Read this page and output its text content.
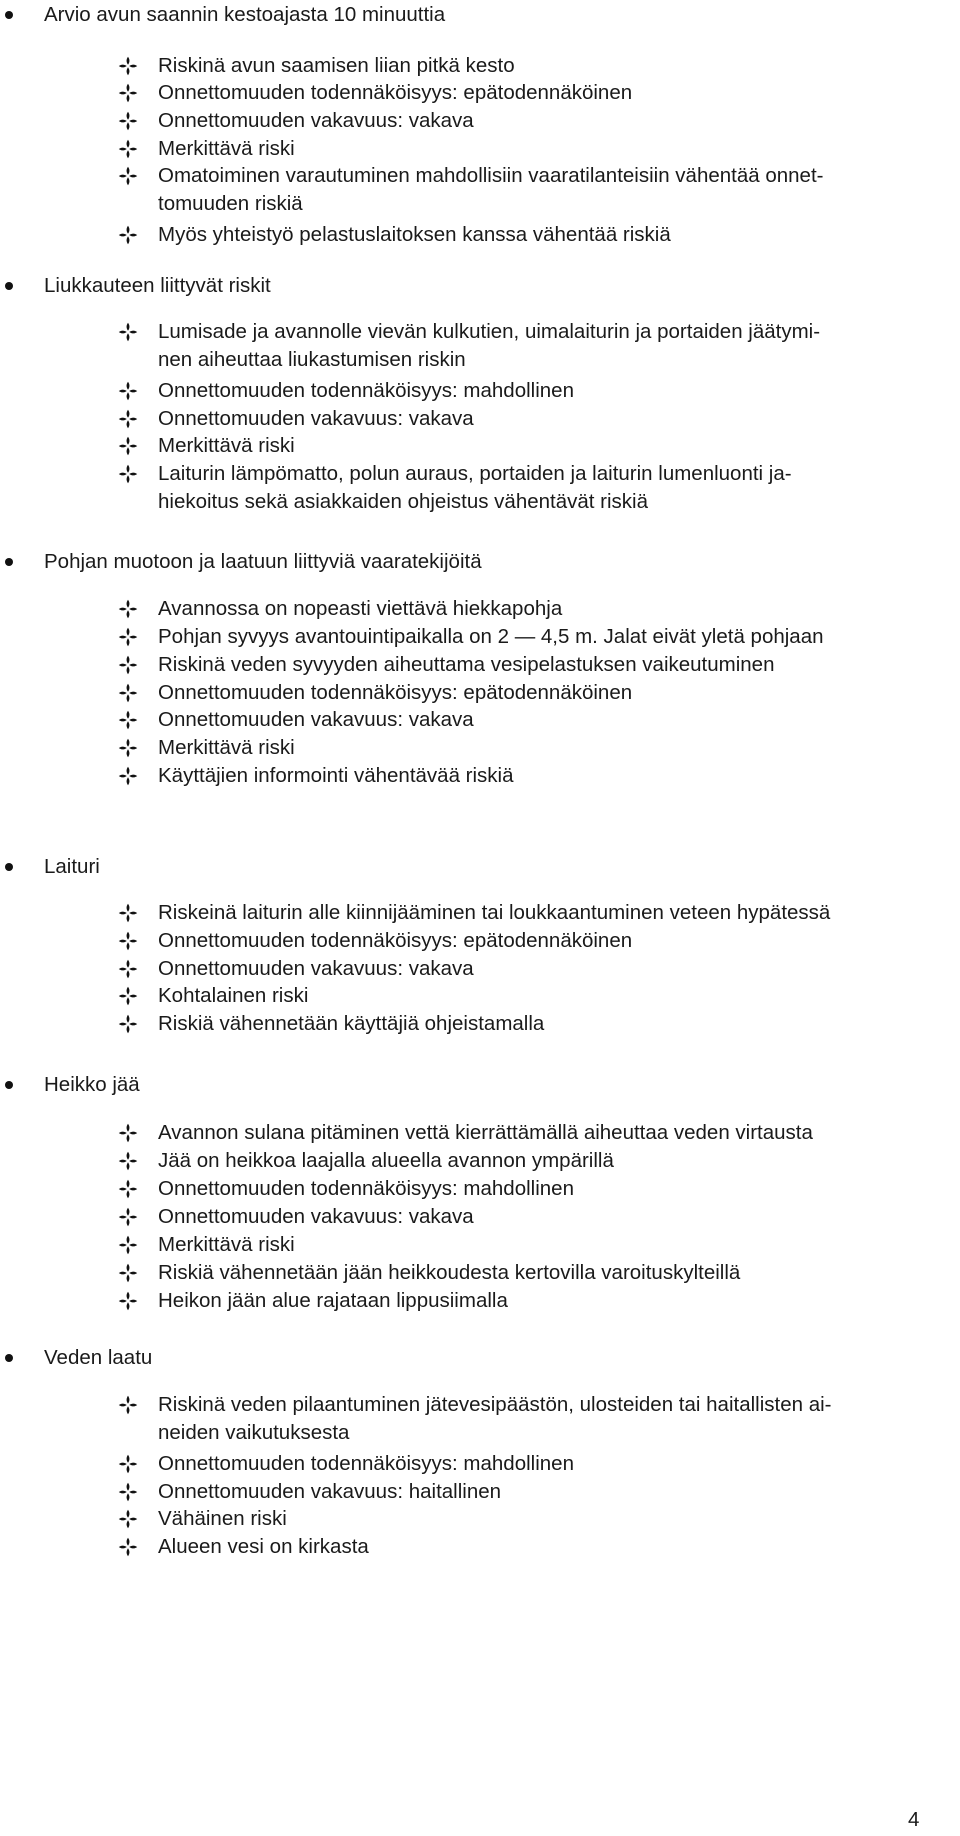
Arvio avun saannin kestoajasta 10 minuuttia
Riskinä avun saamisen liian pitkä kesto
Onnettomuuden todennäköisyys: epätodennäköinen
Onnettomuuden vakavuus: vakava
Merkittävä riski
Omatoiminen varautuminen mahdollisiin vaaratilanteisiin vähentää onnet-
tomuuden riskiä
Myös yhteistyö pelastuslaitoksen kanssa vähentää riskiä
Liukkauteen liittyvät riskit
Lumisade ja avannolle vievän kulkutien, uimalaiturin ja portaiden jäätymi-
nen aiheuttaa liukastumisen riskin
Onnettomuuden todennäköisyys: mahdollinen
Onnettomuuden vakavuus: vakava
Merkittävä riski
Laiturin lämpömatto, polun auraus, portaiden ja laiturin lumenluonti ja-
hiekoitus sekä asiakkaiden ohjeistus vähentävät riskiä
Pohjan muotoon ja laatuun liittyviä vaaratekijöitä
Avannossa on nopeasti viettävä hiekkapohja
Pohjan syvyys avantouintipaikalla on 2 — 4,5 m. Jalat eivät yletä pohjaan
Riskinä veden syvyyden aiheuttama vesipelastuksen vaikeutuminen
Onnettomuuden todennäköisyys: epätodennäköinen
Onnettomuuden vakavuus: vakava
Merkittävä riski
Käyttäjien informointi vähentävää riskiä
Laituri
Riskeinä laiturin alle kiinnijääminen tai loukkaantuminen veteen hypätessä
Onnettomuuden todennäköisyys: epätodennäköinen
Onnettomuuden vakavuus: vakava
Kohtalainen riski
Riskiä vähennetään käyttäjiä ohjeistamalla
Heikko jää
Avannon sulana pitäminen vettä kierrättämällä aiheuttaa veden virtausta
Jää on heikkoa laajalla alueella avannon ympärillä
Onnettomuuden todennäköisyys: mahdollinen
Onnettomuuden vakavuus: vakava
Merkittävä riski
Riskiä vähennetään jään heikkoudesta kertovilla varoituskylteillä
Heikon jään alue rajataan lippusiimalla
Veden laatu
Riskinä veden pilaantuminen jätevesipäästön, ulosteiden tai haitallisten ai-
neiden vaikutuksesta
Onnettomuuden todennäköisyys: mahdollinen
Onnettomuuden vakavuus: haitallinen
Vähäinen riski
Alueen vesi on kirkasta
4
